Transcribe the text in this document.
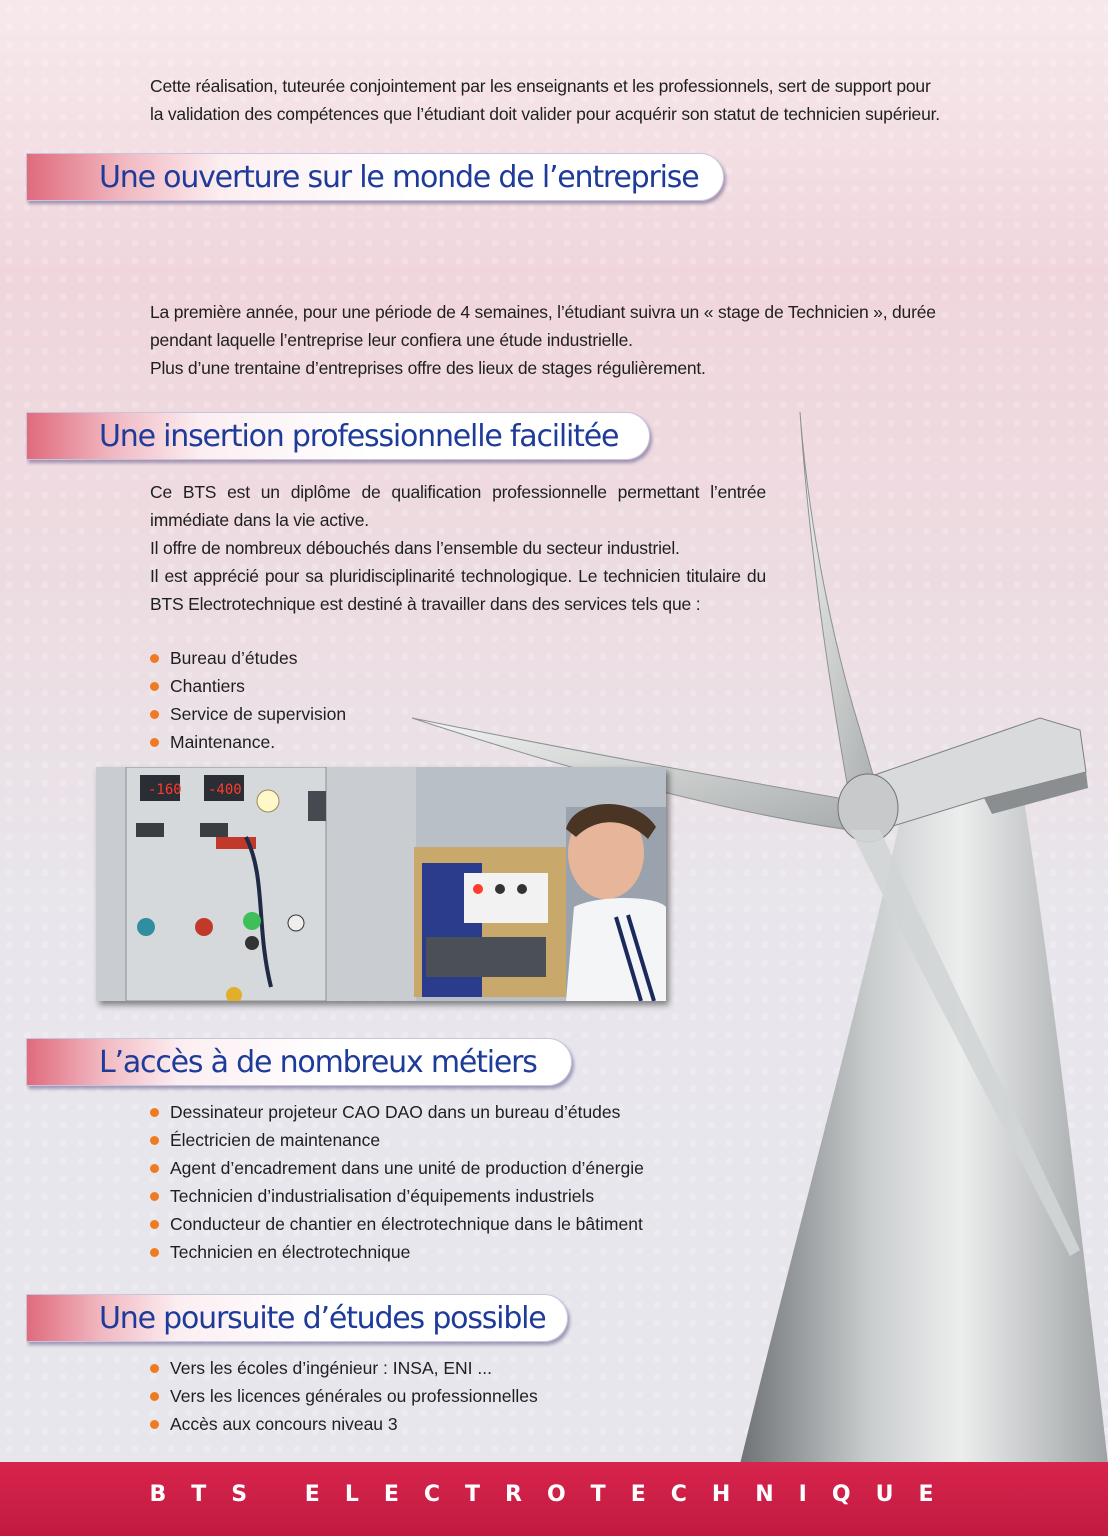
Cette réalisation, tuteurée conjointement par les enseignants et les professionnels, sert de support pour
la validation des compétences que l’étudiant doit valider pour acquérir son statut de technicien supérieur.
Une ouverture sur le monde de l’entreprise
La première année, pour une période de 4 semaines, l’étudiant suivra un « stage de Technicien », durée
pendant laquelle l’entreprise leur confiera une étude industrielle.
Plus d’une trentaine d’entreprises offre des lieux de stages régulièrement.
Une insertion professionnelle facilitée
Ce BTS est un diplôme de qualification professionnelle permettant l’entrée immédiate dans la vie active.
Il offre de nombreux débouchés dans l’ensemble du secteur industriel.
Il est apprécié pour sa pluridisciplinarité technologique. Le technicien titulaire du BTS Electrotechnique est destiné à travailler dans des services tels que :
Bureau d’études
Chantiers
Service de supervision
Maintenance.
-160 -400
L’accès à de nombreux métiers
Dessinateur projeteur CAO DAO dans un bureau d’études
Électricien de maintenance
Agent d’encadrement dans une unité de production d’énergie
Technicien d’industrialisation d’équipements industriels
Conducteur de chantier en électrotechnique dans le bâtiment
Technicien en électrotechnique
Une poursuite d’études possible
Vers les écoles d’ingénieur : INSA, ENI ...
Vers les licences générales ou professionnelles
Accès aux concours niveau 3
BTS ELECTROTECHNIQUE
